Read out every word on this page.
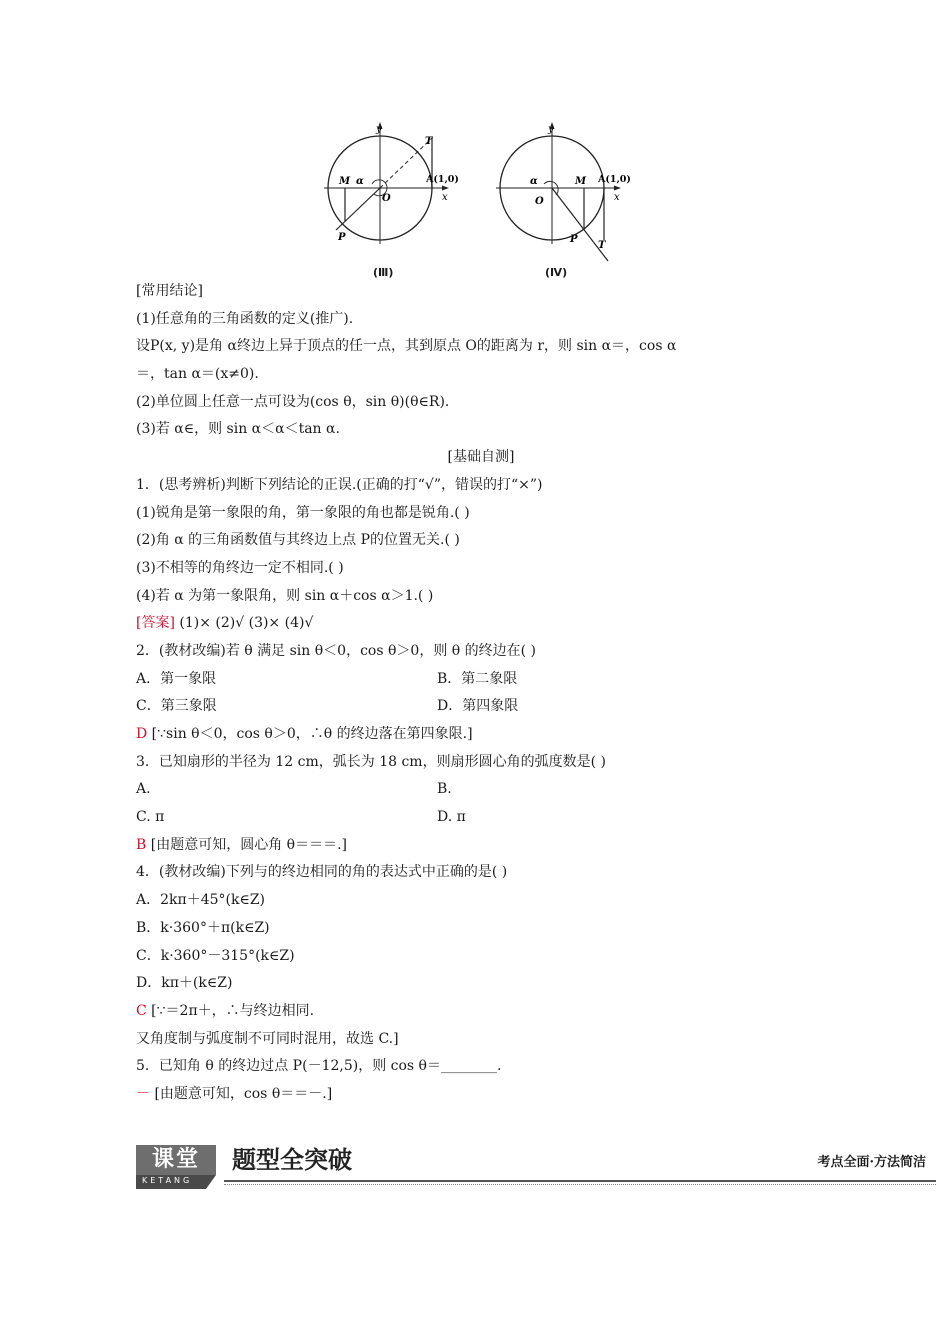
y
x
T
M α	A(1,0)
O
P
(Ⅲ)
y
x
T
M
α	A(1,0)
O
P
(Ⅳ)
[常用结论]
(1)任意角的三角函数的定义(推广).
设P(x, y)是角 α终边上异于顶点的任一点，其到原点 O的距离为 r，则 sin α＝，cos α
＝，tan α＝(x≠0).
(2)单位圆上任意一点可设为(cos θ，sin θ)(θ∈R).
(3)若 α∈，则 sin α＜α＜tan α.
[基础自测]
1．(思考辨析)判断下列结论的正误.(正确的打“√”，错误的打“×”)
(1)锐角是第一象限的角，第一象限的角也都是锐角.( )
(2)角 α 的三角函数值与其终边上点 P的位置无关.( )
(3)不相等的角终边一定不相同.( )
(4)若 α 为第一象限角，则 sin α＋cos α＞1.( )
[答案] (1)× (2)√ (3)× (4)√
2．(教材改编)若 θ 满足 sin θ＜0，cos θ＞0，则 θ 的终边在( )
A．第一象限	B．第二象限
C．第三象限	D．第四象限
D [∵sin θ＜0，cos θ＞0，∴θ 的终边落在第四象限.]
3．已知扇形的半径为 12 cm，弧长为 18 cm，则扇形圆心角的弧度数是( )
A.	B.
C. π	D. π
B [由题意可知，圆心角 θ＝＝＝.]
4．(教材改编)下列与的终边相同的角的表达式中正确的是( )
A．2kπ＋45°(k∈Z)
B．k·360°＋π(k∈Z)
C．k·360°－315°(k∈Z)
D．kπ＋(k∈Z)
C [∵＝2π＋，∴与终边相同.
又角度制与弧度制不可同时混用，故选 C.]
5．已知角 θ 的终边过点 P(－12,5)，则 cos θ＝________.
－ [由题意可知，cos θ＝＝－.]
课堂
KETANG
题型全突破	考点全面·方法简洁
